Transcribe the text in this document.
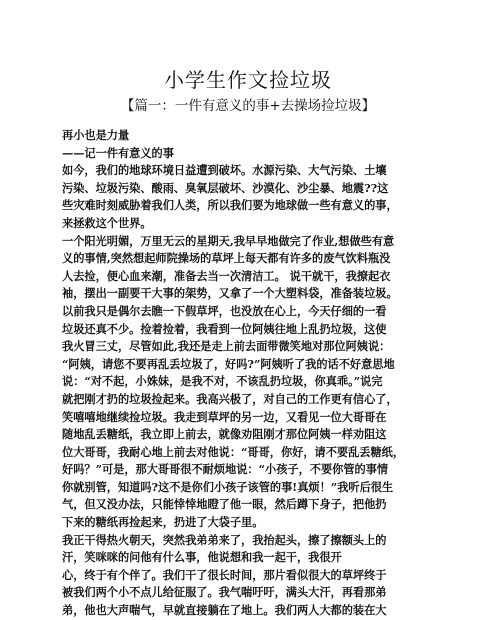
小学生作文捡垃圾
【篇一：一件有意义的事+去操场捡垃圾】
再小也是力量
——记一件有意义的事
如今，我们的地球环境日益遭到破坏。水源污染、大气污染、土壤
污染、垃圾污染、酸雨、臭氧层破坏、沙漠化、沙尘暴、地震??这
些灾难时刻威胁着我们人类，所以我们要为地球做一些有意义的事，
来拯救这个世界。
一个阳光明媚，万里无云的星期天,我早早地做完了作业,想做些有意
义的事情,突然想起师院操场的草坪上每天都有许多的废气饮料瓶没
人去捡，便心血来潮，准备去当一次清洁工。 说干就干，我撩起衣
袖，摆出一副要干大事的架势，又拿了一个大塑料袋，准备装垃圾。
以前我只是偶尔去瞧一下假草坪，也没放在心上，今天仔细的一看
垃圾还真不少。捡着捡着，我看到一位阿姨往地上乱扔垃圾，这使
我火冒三丈，尽管如此,我还是走上前去面带微笑地对那位阿姨说：
“阿姨，请您不要再乱丢垃圾了，好吗?”阿姨听了我的话不好意思地
说：“对不起，小姝妹，是我不对，不该乱扔垃圾，你真乖。”说完
就把刚才扔的垃圾捡起来。我高兴极了，对自己的工作更有信心了，
笑嘻嘻地继续捡垃圾。我走到草坪的另一边，又看见一位大哥哥在
随地乱丢糖纸，我立即上前去，就像劝阻刚才那位阿姨一样劝阻这
位大哥哥，我耐心地上前去对他说：“哥哥，你好，请不要乱丢糖纸，
好吗？”可是，那大哥哥很不耐烦地说：“小孩子，不要你管的事情
你就别管，知道吗?这不是你们小孩子该管的事!真烦！”我听后很生
气，但又没办法，只能悻悻地瞪了他一眼，然后蹲下身子，把他扔
下来的糖纸再捡起来，扔进了大袋子里。
我正干得热火朝天，突然我弟弟来了，我抬起头，擦了擦额头上的
汗，笑咪咪的问他有什么事，他说想和我一起干，我很开
心，终于有个伴了。我们干了很长时间，那片看似很大的草坪终于
被我们两个小不点儿给征服了。我气喘吁吁，满头大汗，再看那弟
弟，他也大声喘气，早就直接躺在了地上。我们两人大都的装在大
